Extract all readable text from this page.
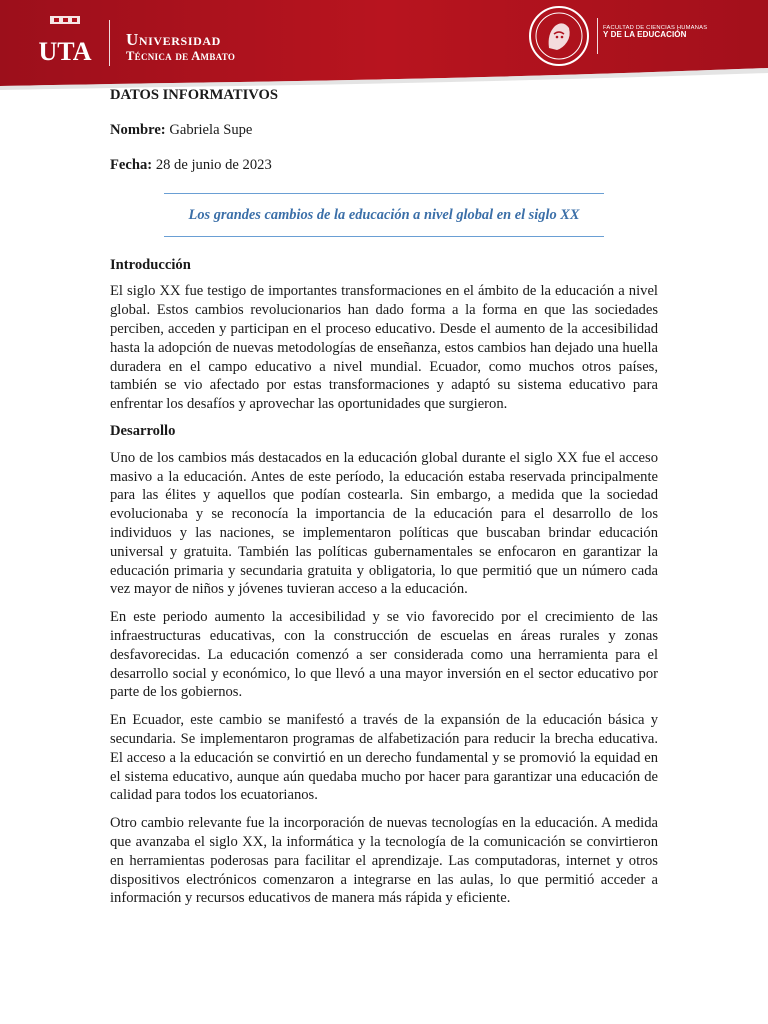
UTA Universidad
Técnica de Ambato
FACULTAD DE CIENCIAS HUMANAS
Y DE LA EDUCACIÓN

DATOS INFORMATIVOS

Nombre: Gabriela Supe

Fecha: 28 de junio de 2023

Los grandes cambios de la educación a nivel global en el siglo XX

Introducción

El siglo XX fue testigo de importantes transformaciones en el ámbito de la educación a nivel global. Estos cambios revolucionarios han dado forma a la forma en que las sociedades perciben, acceden y participan en el proceso educativo. Desde el aumento de la accesibilidad hasta la adopción de nuevas metodologías de enseñanza, estos cambios han dejado una huella duradera en el campo educativo a nivel mundial. Ecuador, como muchos otros países, también se vio afectado por estas transformaciones y adaptó su sistema educativo para enfrentar los desafíos y aprovechar las oportunidades que surgieron.

Desarrollo

Uno de los cambios más destacados en la educación global durante el siglo XX fue el acceso masivo a la educación. Antes de este período, la educación estaba reservada principalmente para las élites y aquellos que podían costearla. Sin embargo, a medida que la sociedad evolucionaba y se reconocía la importancia de la educación para el desarrollo de los individuos y las naciones, se implementaron políticas que buscaban brindar educación universal y gratuita. También las políticas gubernamentales se enfocaron en garantizar la educación primaria y secundaria gratuita y obligatoria, lo que permitió que un número cada vez mayor de niños y jóvenes tuvieran acceso a la educación.

En este periodo aumento la accesibilidad y se vio favorecido por el crecimiento de las infraestructuras educativas, con la construcción de escuelas en áreas rurales y zonas desfavorecidas. La educación comenzó a ser considerada como una herramienta para el desarrollo social y económico, lo que llevó a una mayor inversión en el sector educativo por parte de los gobiernos.

En Ecuador, este cambio se manifestó a través de la expansión de la educación básica y secundaria. Se implementaron programas de alfabetización para reducir la brecha educativa. El acceso a la educación se convirtió en un derecho fundamental y se promovió la equidad en el sistema educativo, aunque aún quedaba mucho por hacer para garantizar una educación de calidad para todos los ecuatorianos.

Otro cambio relevante fue la incorporación de nuevas tecnologías en la educación. A medida que avanzaba el siglo XX, la informática y la tecnología de la comunicación se convirtieron en herramientas poderosas para facilitar el aprendizaje. Las computadoras, internet y otros dispositivos electrónicos comenzaron a integrarse en las aulas, lo que permitió acceder a información y recursos educativos de manera más rápida y eficiente.
